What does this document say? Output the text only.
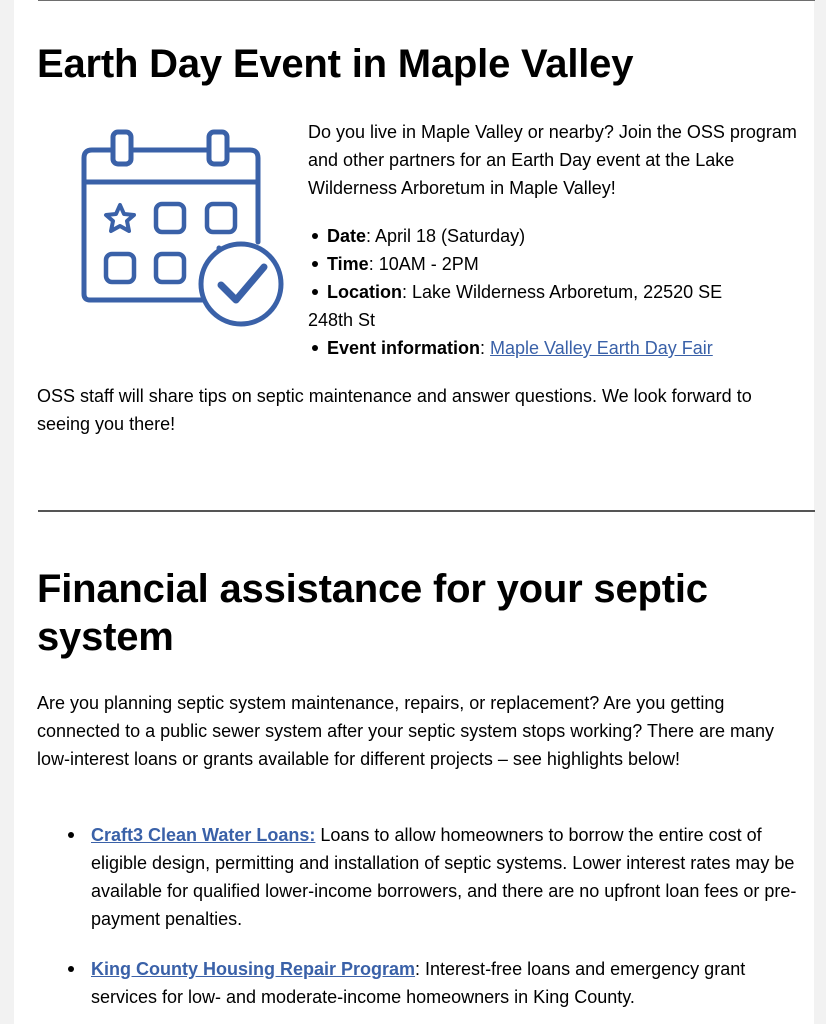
Earth Day Event in Maple Valley

Do you live in Maple Valley or nearby? Join the OSS program and other partners for an Earth Day event at the Lake Wilderness Arboretum in Maple Valley!

Date: April 18 (Saturday)
Time: 10AM - 2PM
Location: Lake Wilderness Arboretum, 22520 SE
248th St
Event information: Maple Valley Earth Day Fair

OSS staff will share tips on septic maintenance and answer questions. We look forward to seeing you there!

Financial assistance for your septic system

Are you planning septic system maintenance, repairs, or replacement? Are you getting connected to a public sewer system after your septic system stops working? There are many low-interest loans or grants available for different projects – see highlights below!

Craft3 Clean Water Loans: Loans to allow homeowners to borrow the entire cost of eligible design, permitting and installation of septic systems. Lower interest rates may be available for qualified lower-income borrowers, and there are no upfront loan fees or pre-payment penalties.
King County Housing Repair Program: Interest-free loans and emergency grant services for low- and moderate-income homeowners in King County.
